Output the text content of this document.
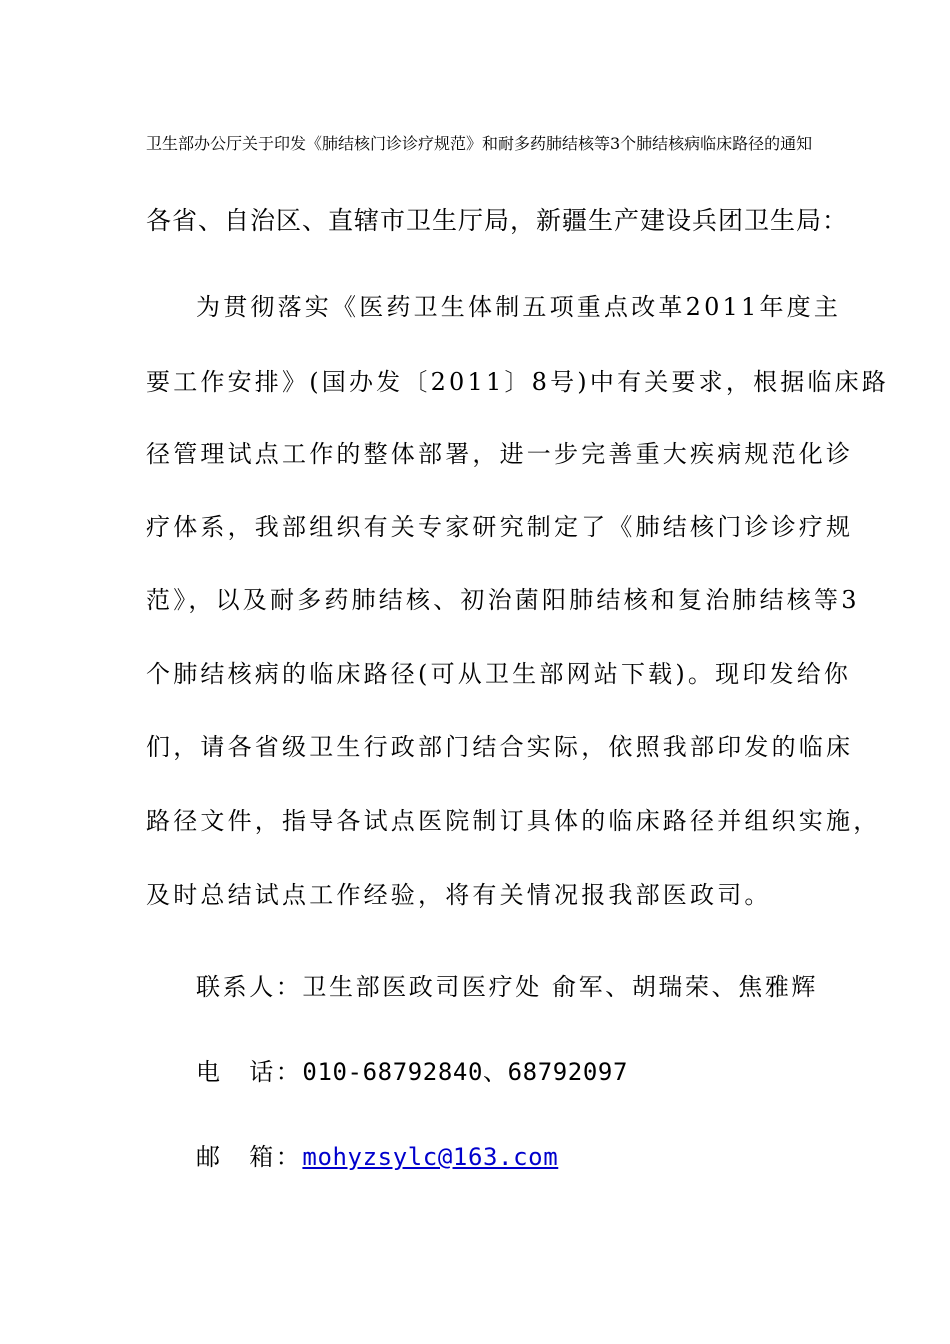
卫生部办公厅关于印发《肺结核门诊诊疗规范》和耐多药肺结核等3个肺结核病临床路径的通知

各省、自治区、直辖市卫生厅局，新疆生产建设兵团卫生局：

为贯彻落实《医药卫生体制五项重点改革2011年度主

要工作安排》(国办发〔2011〕8号)中有关要求，根据临床路

径管理试点工作的整体部署，进一步完善重大疾病规范化诊

疗体系，我部组织有关专家研究制定了《肺结核门诊诊疗规

范》，以及耐多药肺结核、初治菌阳肺结核和复治肺结核等3

个肺结核病的临床路径(可从卫生部网站下载)。现印发给你

们，请各省级卫生行政部门结合实际，依照我部印发的临床

路径文件，指导各试点医院制订具体的临床路径并组织实施，

及时总结试点工作经验，将有关情况报我部医政司。

联系人：卫生部医政司医疗处 俞军、胡瑞荣、焦雅辉

电　话：010-68792840、68792097

邮　箱：mohyzsylc@163.com
